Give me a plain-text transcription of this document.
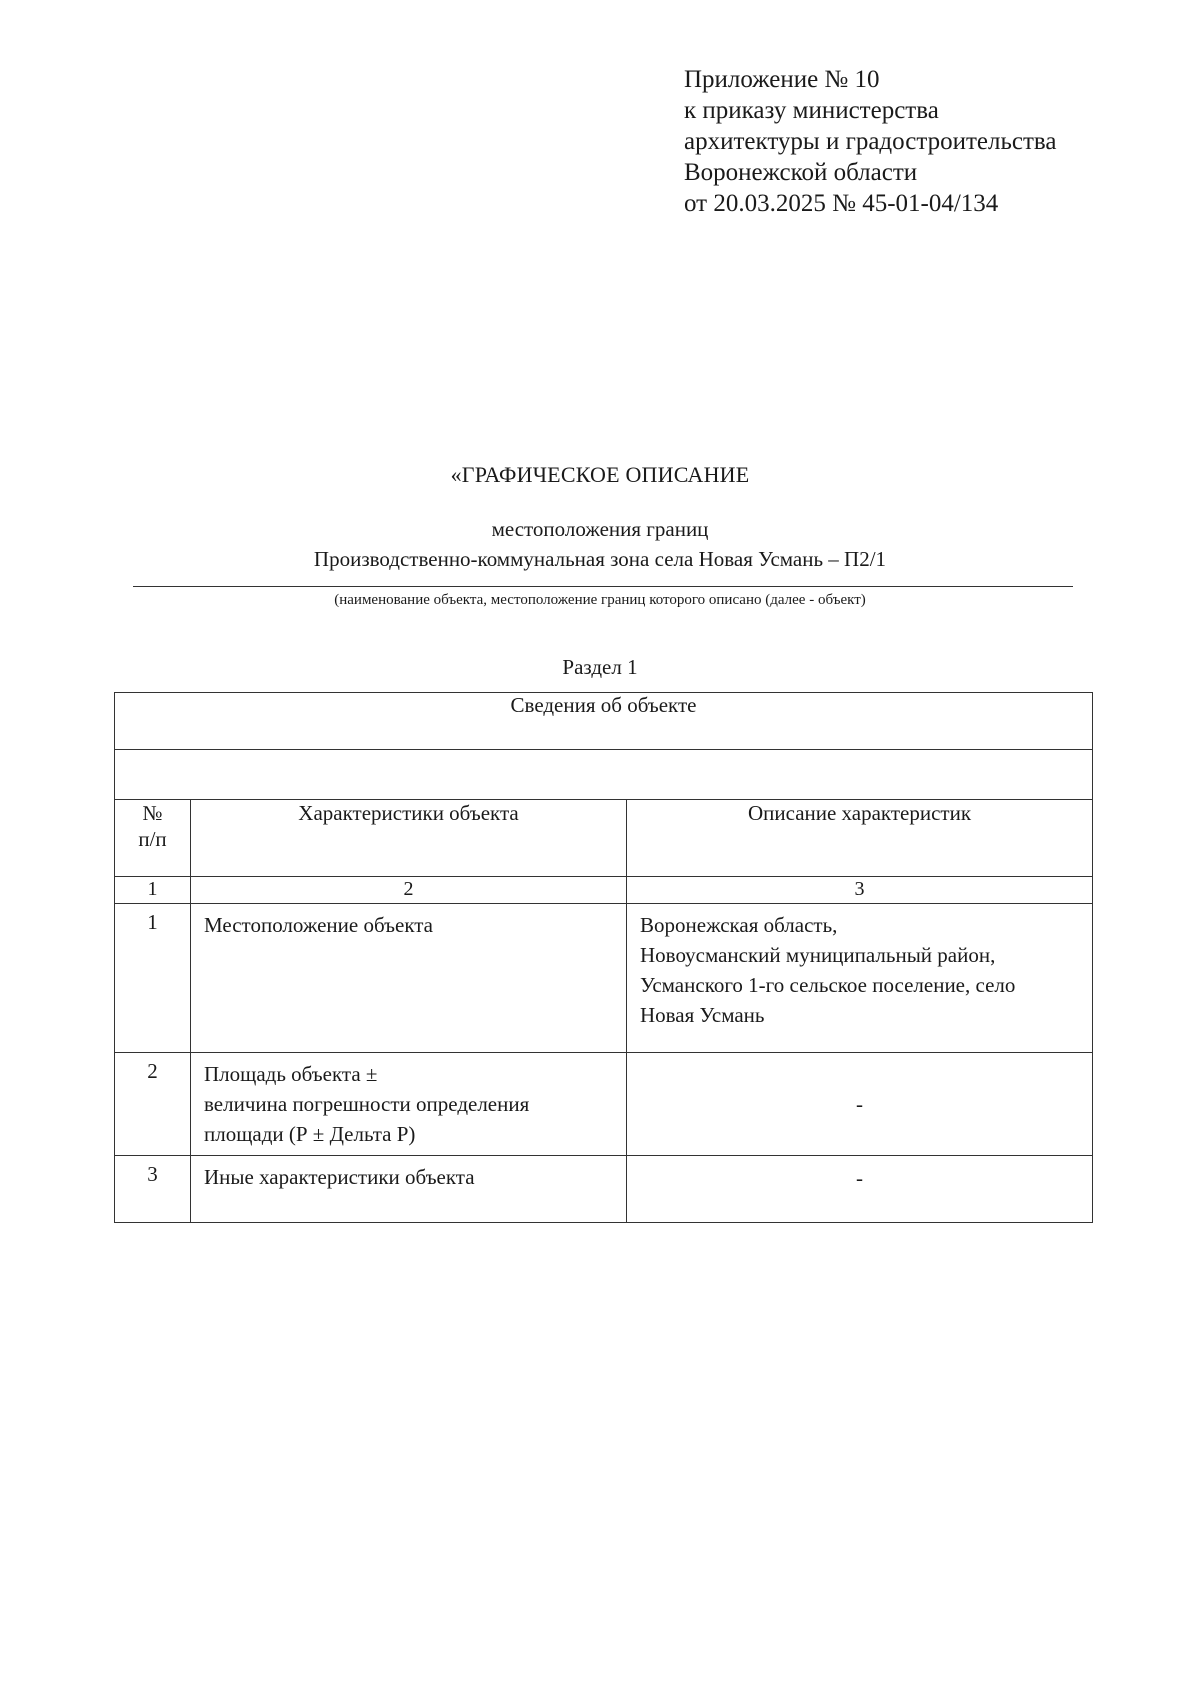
Приложение № 10
к приказу министерства
архитектуры и градостроительства
Воронежской области
от 20.03.2025 № 45-01-04/134
«ГРАФИЧЕСКОЕ ОПИСАНИЕ
местоположения границ
Производственно-коммунальная зона села Новая Усмань – П2/1
(наименование объекта, местоположение границ которого описано (далее - объект)
Раздел 1
Сведения об объекте		

№
п/п	Характеристики объекта	Описание характеристик
1	2	3
1	Местоположение объекта	Воронежская область,
Новоусманский муниципальный район,
Усманского 1-го сельское поселение, село
Новая Усмань

2	Площадь объекта ±
величина погрешности определения
площади (Р ± Дельта Р)	-
3	Иные характеристики объекта	-
